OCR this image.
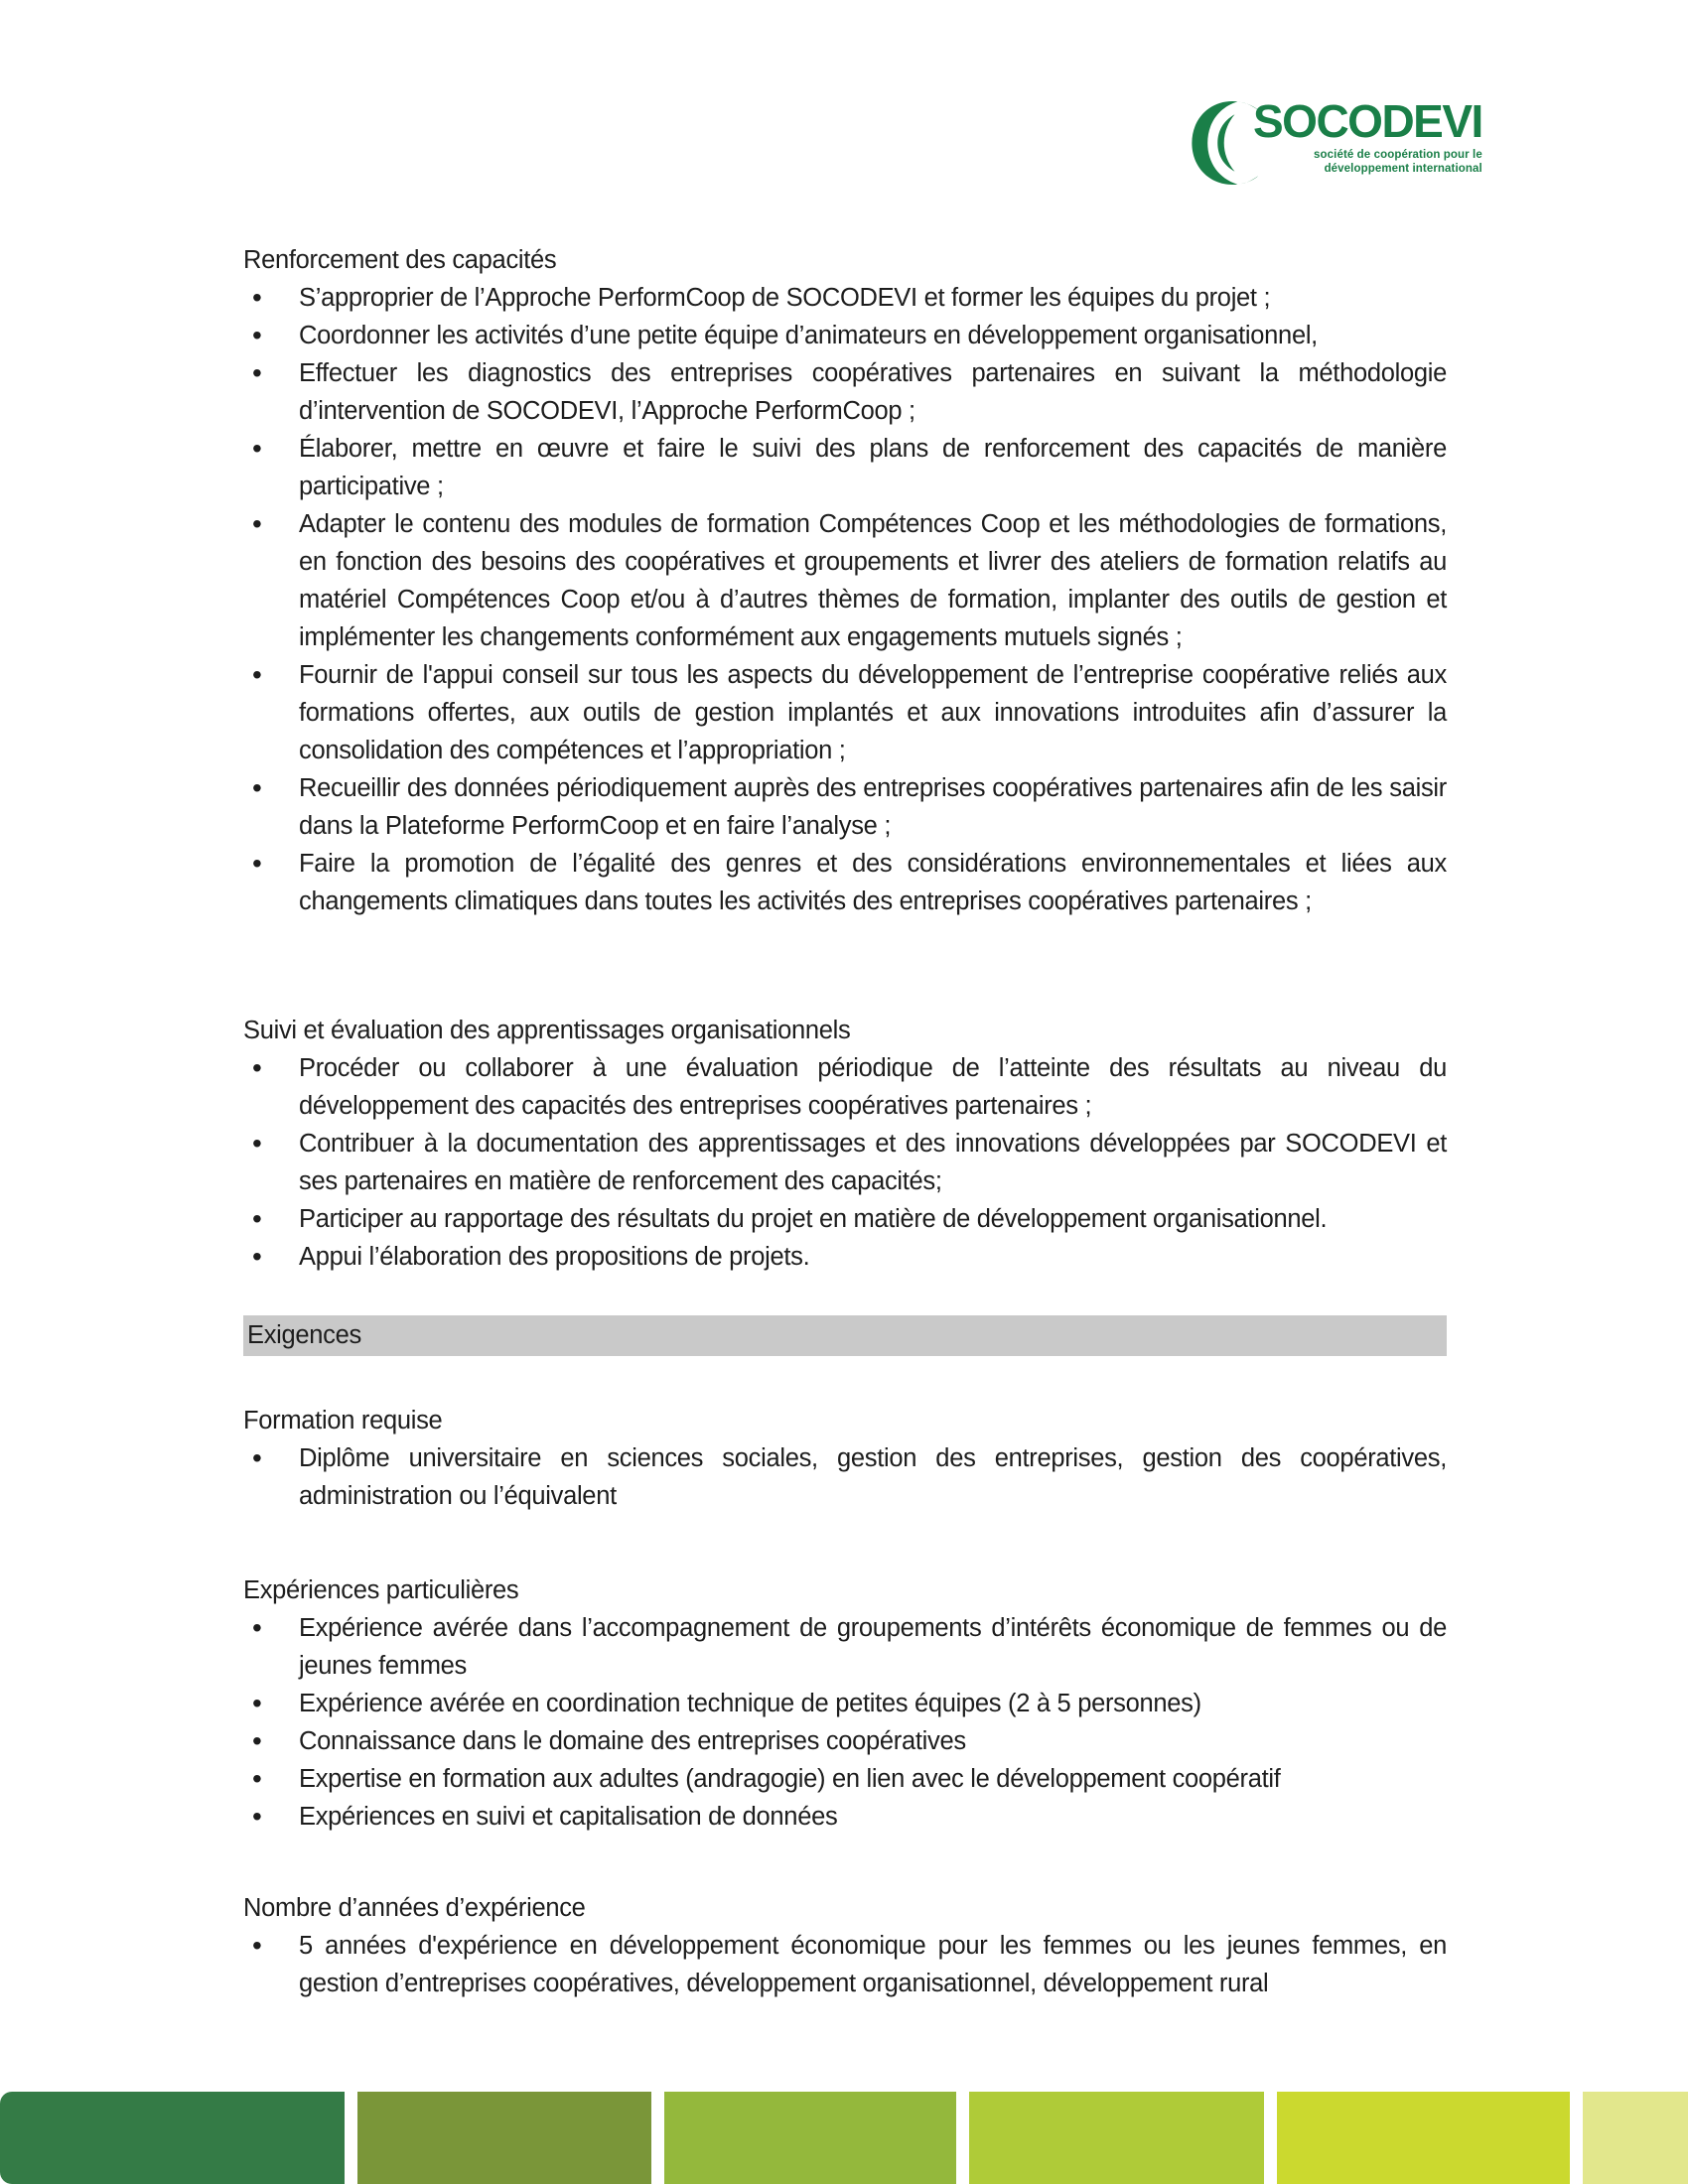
SOCODEVI
société de coopération pour le
développement international
Renforcement des capacités
• S’approprier de l’Approche PerformCoop de SOCODEVI et former les équipes du projet ;
• Coordonner les activités d’une petite équipe d’animateurs en développement organisationnel,
• Effectuer les diagnostics des entreprises coopératives partenaires en suivant la méthodologie d’intervention de SOCODEVI, l’Approche PerformCoop ;
• Élaborer, mettre en œuvre et faire le suivi des plans de renforcement des capacités de manière participative ;
• Adapter le contenu des modules de formation Compétences Coop et les méthodologies de formations, en fonction des besoins des coopératives et groupements et livrer des ateliers de formation relatifs au matériel Compétences Coop et/ou à d’autres thèmes de formation, implanter des outils de gestion et implémenter les changements conformément aux engagements mutuels signés ;
• Fournir de l'appui conseil sur tous les aspects du développement de l’entreprise coopérative reliés aux formations offertes, aux outils de gestion implantés et aux innovations introduites afin d’assurer la consolidation des compétences et l’appropriation ;
• Recueillir des données périodiquement auprès des entreprises coopératives partenaires afin de les saisir dans la Plateforme PerformCoop et en faire l’analyse ;
• Faire la promotion de l’égalité des genres et des considérations environnementales et liées aux changements climatiques dans toutes les activités des entreprises coopératives partenaires ;
Suivi et évaluation des apprentissages organisationnels
• Procéder ou collaborer à une évaluation périodique de l’atteinte des résultats au niveau du développement des capacités des entreprises coopératives partenaires ;
• Contribuer à la documentation des apprentissages et des innovations développées par SOCODEVI et ses partenaires en matière de renforcement des capacités;
• Participer au rapportage des résultats du projet en matière de développement organisationnel.
• Appui l’élaboration des propositions de projets.
Exigences
Formation requise
• Diplôme universitaire en sciences sociales, gestion des entreprises, gestion des coopératives, administration ou l’équivalent
Expériences particulières
• Expérience avérée dans l’accompagnement de groupements d’intérêts économique de femmes ou de jeunes femmes
• Expérience avérée en coordination technique de petites équipes (2 à 5 personnes)
• Connaissance dans le domaine des entreprises coopératives
• Expertise en formation aux adultes (andragogie) en lien avec le développement coopératif
• Expériences en suivi et capitalisation de données
Nombre d’années d’expérience
• 5 années d'expérience en développement économique pour les femmes ou les jeunes femmes, en gestion d’entreprises coopératives, développement organisationnel, développement rural
